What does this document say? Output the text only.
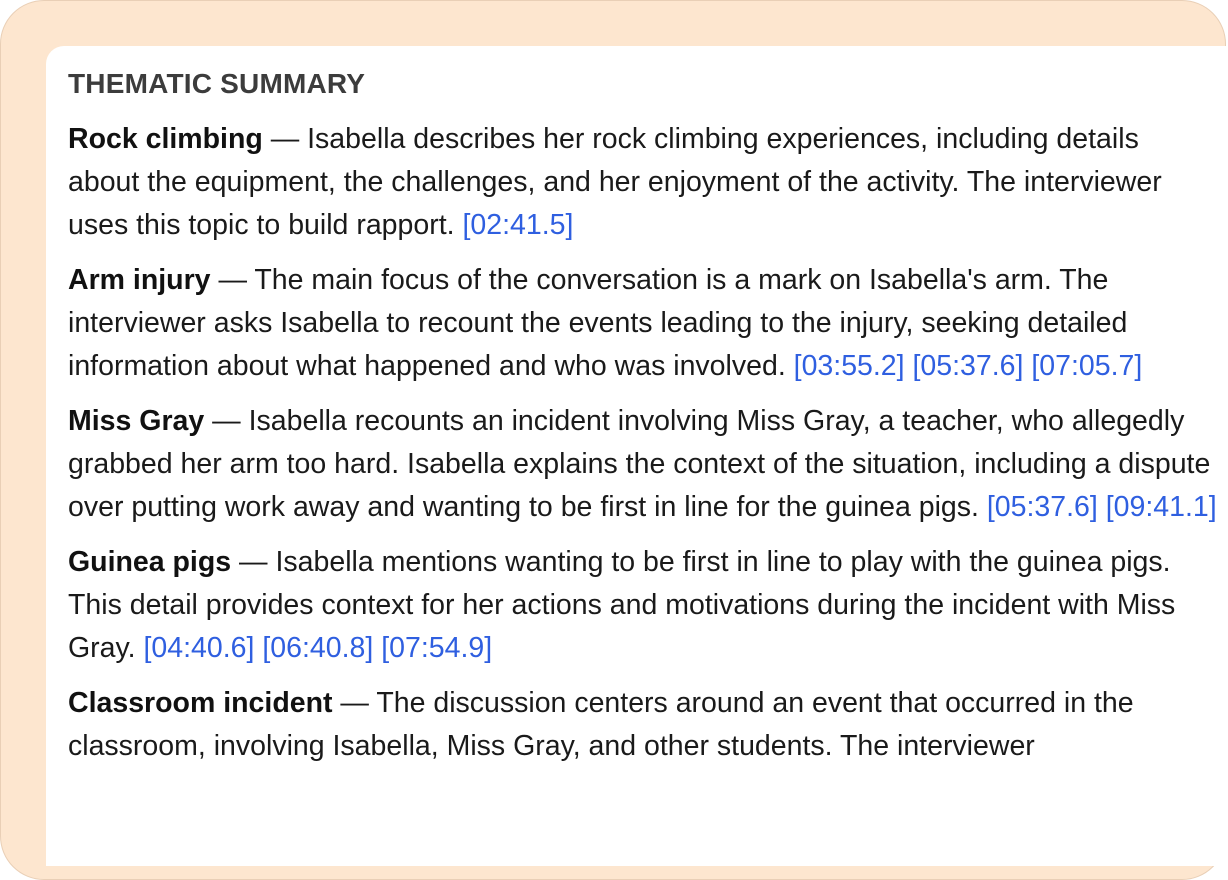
THEMATIC SUMMARY

Rock climbing — Isabella describes her rock climbing experiences, including details about the equipment, the challenges, and her enjoyment of the activity. The interviewer uses this topic to build rapport. [02:41.5]

Arm injury — The main focus of the conversation is a mark on Isabella's arm. The interviewer asks Isabella to recount the events leading to the injury, seeking detailed information about what happened and who was involved. [03:55.2] [05:37.6] [07:05.7]

Miss Gray — Isabella recounts an incident involving Miss Gray, a teacher, who allegedly grabbed her arm too hard. Isabella explains the context of the situation, including a dispute over putting work away and wanting to be first in line for the guinea pigs. [05:37.6] [09:41.1]

Guinea pigs — Isabella mentions wanting to be first in line to play with the guinea pigs. This detail provides context for her actions and motivations during the incident with Miss Gray. [04:40.6] [06:40.8] [07:54.9]

Classroom incident — The discussion centers around an event that occurred in the classroom, involving Isabella, Miss Gray, and other students. The interviewer
